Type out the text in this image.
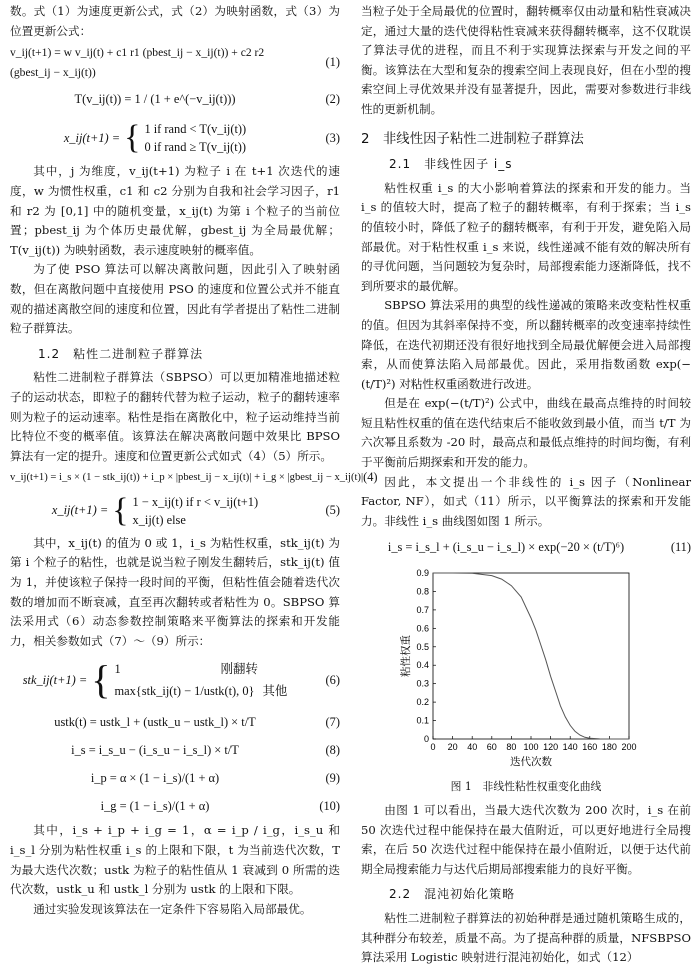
数。式（1）为速度更新公式，式（2）为映射函数，式（3）为位置更新公式：

v_ij(t+1) = w v_ij(t) + c1 r1 (pbest_ij − x_ij(t)) + c2 r2 (gbest_ij − x_ij(t))
(1)
T(v_ij(t)) = 1 / (1 + e^(−v_ij(t)))	(2)
x_ij(t+1) = { 1 if rand < T(v_ij(t))
0 if rand ≥ T(v_ij(t))
(3)

其中，j 为维度，v_ij(t+1) 为粒子 i 在 t+1 次迭代的速度，w 为惯性权重，c1 和 c2 分别为自我和社会学习因子，r1 和 r2 为 [0,1] 中的随机变量，x_ij(t) 为第 i 个粒子的当前位置；pbest_ij 为个体历史最优解，gbest_ij 为全局最优解；T(v_ij(t)) 为映射函数，表示速度映射的概率值。

为了使 PSO 算法可以解决离散问题，因此引入了映射函数，但在离散问题中直接使用 PSO 的速度和位置公式并不能直观的描述离散空间的速度和位置，因此有学者提出了粘性二进制粒子群算法。

1.2　粘性二进制粒子群算法

粘性二进制粒子群算法（SBPSO）可以更加精准地描述粒子的运动状态，即粒子的翻转代替为粒子运动，粒子的翻转速率则为粒子的运动速率。粘性是指在离散化中，粒子运动维持当前比特位不变的概率值。该算法在解决离散问题中效果比 BPSO 算法有一定的提升。速度和位置更新公式如式（4）（5）所示。

v_ij(t+1) = i_s × (1 − stk_ij(t)) + i_p × |pbest_ij − x_ij(t)| + i_g × |gbest_ij − x_ij(t)| (4)
x_ij(t+1) = { 1 − x_ij(t) if r < v_ij(t+1)
x_ij(t) else
(5)

其中，x_ij(t) 的值为 0 或 1，i_s 为粘性权重，stk_ij(t) 为第 i 个粒子的粘性，也就是说当粒子刚发生翻转后，stk_ij(t) 值为 1，并使该粒子保持一段时间的平衡，但粘性值会随着迭代次数的增加而不断衰减，直至再次翻转或者粘性为 0。SBPSO 算法采用式（6）动态参数控制策略来平衡算法的探索和开发能力，相关参数如式（7）～（9）所示：

stk_ij(t+1) = { 1	刚翻转
max{stk_ij(t) − 1/ustk(t), 0} 其他
(6)
ustk(t) = ustk_l + (ustk_u − ustk_l) × t/T	(7)
i_s = i_s_u − (i_s_u − i_s_l) × t/T	(8)
i_p = α × (1 − i_s)/(1 + α)	(9)
i_g = (1 − i_s)/(1 + α)	(10)

其中，i_s + i_p + i_g = 1，α = i_p / i_g，i_s_u 和 i_s_l 分别为粘性权重 i_s 的上限和下限，t 为当前迭代次数，T 为最大迭代次数；ustk 为粒子的粘性值从 1 衰减到 0 所需的迭代次数，ustk_u 和 ustk_l 分别为 ustk 的上限和下限。

通过实验发现该算法在一定条件下容易陷入局部最优。

当粒子处于全局最优的位置时，翻转概率仅由动量和粘性衰减决定，通过大量的迭代使得粘性衰减来获得翻转概率，这不仅耽误了算法寻优的进程，而且不利于实现算法探索与开发之间的平衡。该算法在大型和复杂的搜索空间上表现良好，但在小型的搜索空间上寻优效果并没有显著提升，因此，需要对参数进行非线性的更新机制。

2　非线性因子粘性二进制粒子群算法
2.1　非线性因子 i_s

粘性权重 i_s 的大小影响着算法的探索和开发的能力。当 i_s 的值较大时，提高了粒子的翻转概率，有利于探索；当 i_s 的值较小时，降低了粒子的翻转概率，有利于开发，避免陷入局部最优。对于粘性权重 i_s 来说，线性递减不能有效的解决所有的寻优问题，当问题较为复杂时，局部搜索能力逐渐降低，找不到所要求的最优解。

SBPSO 算法采用的典型的线性递减的策略来改变粘性权重的值。但因为其斜率保持不变，所以翻转概率的改变速率持续性降低，在迭代初期还没有很好地找到全局最优解便会进入局部搜索，从而使算法陷入局部最优。因此，采用指数函数 exp(−(t/T)²) 对粘性权重函数进行改进。

但是在 exp(−(t/T)²) 公式中，曲线在最高点维持的时间较短且粘性权重的值在迭代结束后不能收敛到最小值，而当 t/T 为六次幂且系数为 -20 时，最高点和最低点维持的时间均衡，有利于平衡前后期探索和开发的能力。

因此，本文提出一个非线性的 i_s 因子（Nonlinear Factor, NF），如式（11）所示，以平衡算法的探索和开发能力。非线性 i_s 曲线图如图 1 所示。

i_s = i_s_l + (i_s_u − i_s_l) × exp(−20 × (t/T)⁶)	(11)
0 20 40 60 80 100 120 140 160 180 200
0
0.1
0.2
0.3
0.4
0.5
0.6
0.7
0.8
0.9
迭代次数
粘性权重
图 1　非线性粘性权重变化曲线

由图 1 可以看出，当最大迭代次数为 200 次时，i_s 在前 50 次迭代过程中能保持在最大值附近，可以更好地进行全局搜索，在后 50 次迭代过程中能保持在最小值附近，以便于达代前期全局搜索能力与达代后期局部搜索能力的良好平衡。

2.2　混沌初始化策略

粘性二进制粒子群算法的初始种群是通过随机策略生成的，其种群分布较差，质量不高。为了提高种群的质量，NFSBPSO 算法采用 Logistic 映射进行混沌初始化，如式（12）
